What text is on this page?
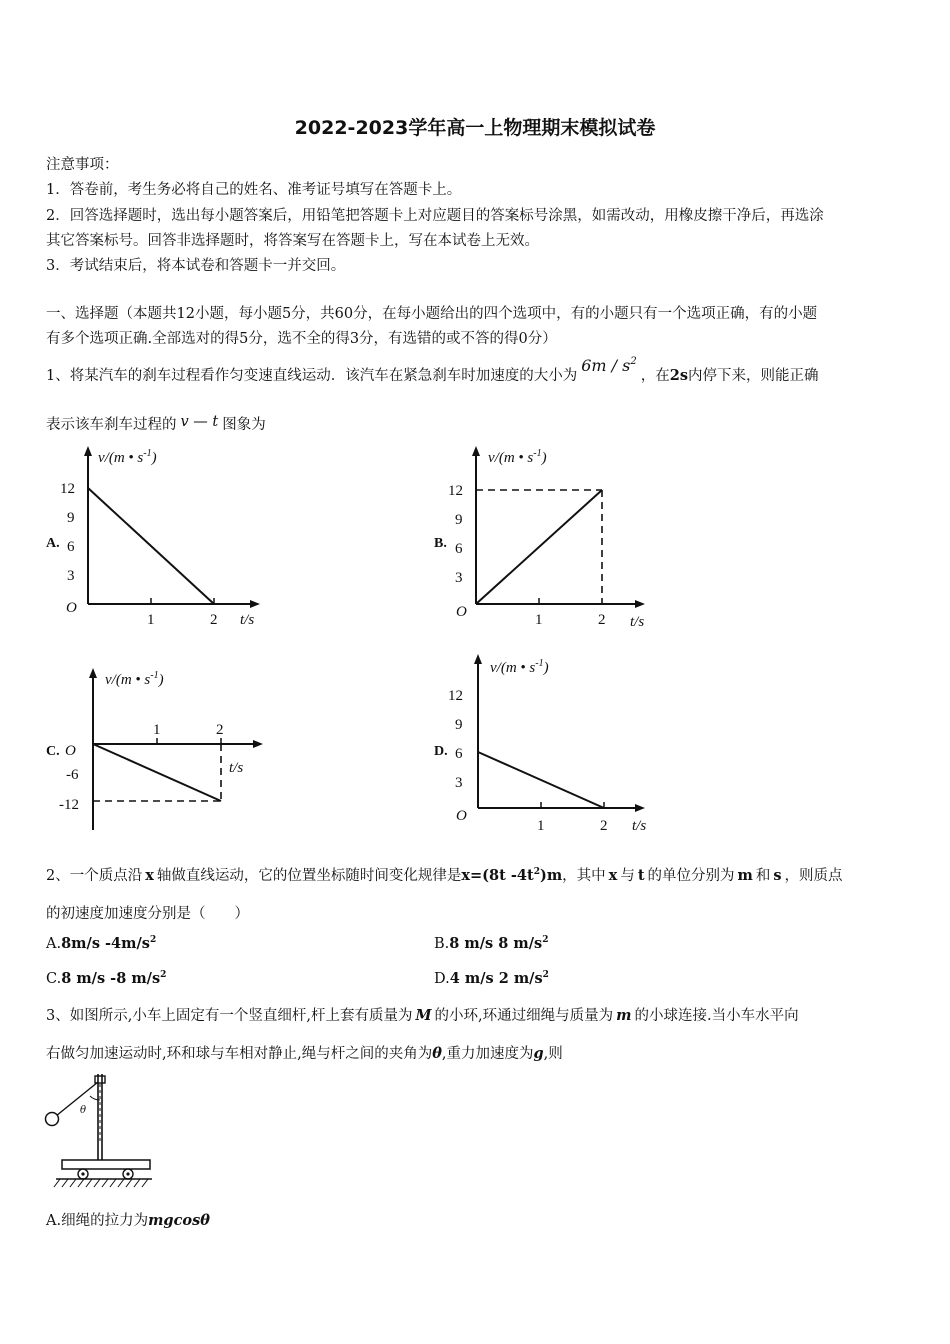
2022-2023学年高一上物理期末模拟试卷
注意事项：
1．答卷前，考生务必将自己的姓名、准考证号填写在答题卡上。
2．回答选择题时，选出每小题答案后，用铅笔把答题卡上对应题目的答案标号涂黑，如需改动，用橡皮擦干净后，再选涂
其它答案标号。回答非选择题时，将答案写在答题卡上，写在本试卷上无效。
3．考试结束后，将本试卷和答题卡一并交回。
一、选择题（本题共12小题，每小题5分，共60分，在每小题给出的四个选项中，有的小题只有一个选项正确，有的小题
有多个选项正确.全部选对的得5分，选不全的得3分，有选错的或不答的得0分）
1、将某汽车的刹车过程看作匀变速直线运动．该汽车在紧急刹车时加速度的大小为$6m / s^2$，在2s内停下来，则能正确
表示该车刹车过程的 v — t 图象为
A.
v/(m • $s^{-1}$)
12
9
6
3
O
1	2 t/s
B.
v/(m • $s^{-1}$)
12
9
6
3
O	1	2 t/s
C.
v/(m • $s^{-1}$)
O
-6
-12
1	2
t/s
D.
v/(m • $s^{-1}$)
12
9
6
3
O
1	2 t/s
2、一个质点沿 x 轴做直线运动，它的位置坐标随时间变化规律是x=(8t $-4t^2)m$，其中 x 与 t 的单位分别为 m 和 s ，则质点
的初速度加速度分别是（　　）
A.8m/s $-4m/s^2$	B.8 m/s 8 $m/s^2$
C.8 m/s -8 $m/s^2$	D.4 m/s 2 $m/s^2$
3、如图所示,小车上固定有一个竖直细杆,杆上套有质量为 M 的小环,环通过细绳与质量为 m 的小球连接.当小车水平向
右做匀加速运动时,环和球与车相对静止,绳与杆之间的夹角为θ,重力加速度为g,则
θ
A.细绳的拉力为mgcosθ
